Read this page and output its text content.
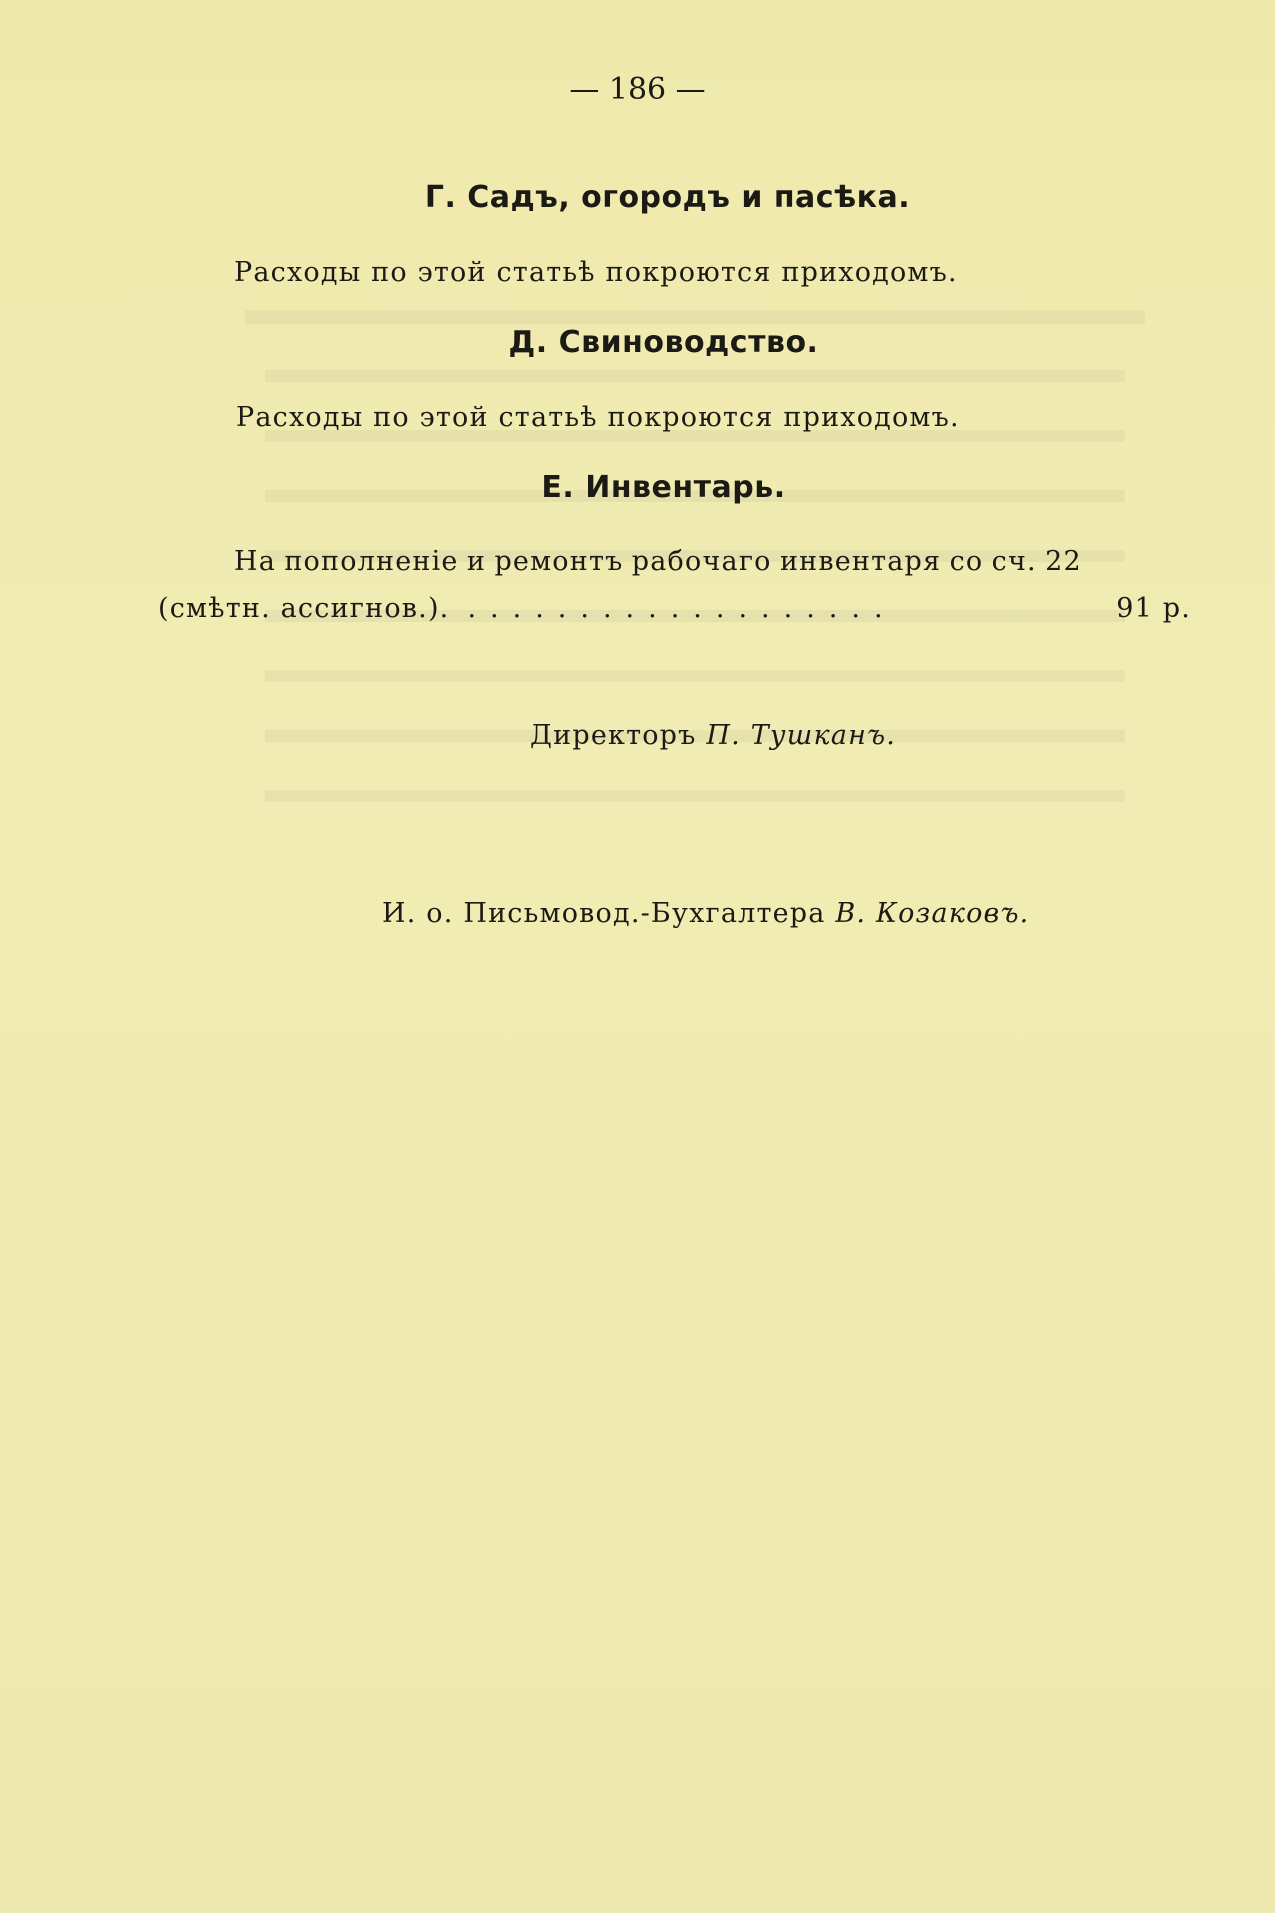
— 186 —
Г. Садъ, огородъ и пасѣка.
Расходы по этой статьѣ покроются приходомъ.
Д. Свиноводство.
Расходы по этой статьѣ покроются приходомъ.
Е. Инвентарь.
На пополненіе и ремонтъ рабочаго инвентаря со сч. 22
(смѣтн. ассигнов.). ...................	91 р.
Директоръ П. Тушканъ.
И. о. Письмовод.-Бухгалтера В. Козаковъ.
